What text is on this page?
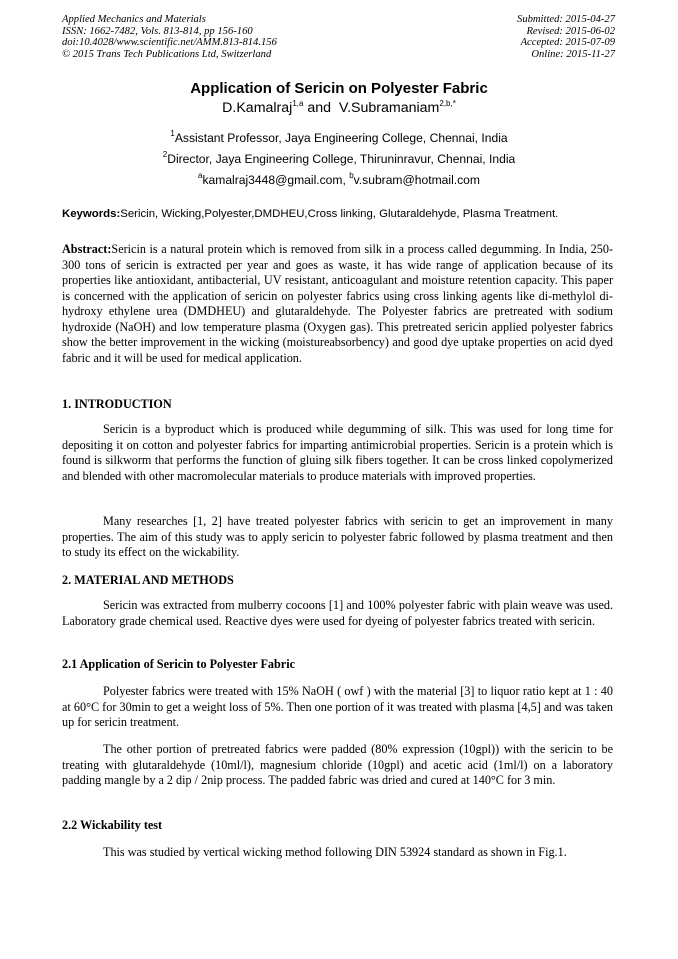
Applied Mechanics and Materials
ISSN: 1662-7482, Vols. 813-814, pp 156-160
doi:10.4028/www.scientific.net/AMM.813-814.156
© 2015 Trans Tech Publications Ltd, Switzerland
Submitted: 2015-04-27
Revised: 2015-06-02
Accepted: 2015-07-09
Online: 2015-11-27
Application of Sericin on Polyester Fabric
D.Kamalraj$^{1,a}$ and  V.Subramaniam$^{2,b,*}$
$^1$Assistant Professor, Jaya Engineering College, Chennai, India
$^2$Director, Jaya Engineering College, Thiruninravur, Chennai, India
$^a$kamalraj3448@gmail.com, $^b$v.subram@hotmail.com
Keywords:Sericin, Wicking,Polyester,DMDHEU,Cross linking, Glutaraldehyde, Plasma Treatment.

Abstract:Sericin is a natural protein which is removed from silk in a process called degumming. In India, 250-300 tons of sericin is extracted per year and goes as waste, it has wide range of application because of its properties like antioxidant, antibacterial, UV resistant, anticoagulant and moisture retention capacity. This paper is concerned with the application of sericin on polyester fabrics using cross linking agents like di-methylol di-hydroxy ethylene urea (DMDHEU) and glutaraldehyde. The Polyester fabrics are pretreated with sodium hydroxide (NaOH) and low temperature plasma (Oxygen gas). This pretreated sericin applied polyester fabrics show the better improvement in the wicking (moistureabsorbency) and good dye uptake properties on acid dyed fabric and it will be used for medical application.

1. INTRODUCTION

Sericin is a byproduct which is produced while degumming of silk. This was used for long time for depositing it on cotton and polyester fabrics for imparting antimicrobial properties. Sericin is a protein which is found is silkworm that performs the function of gluing silk fibers together. It can be cross linked copolymerized and blended with other macromolecular materials to produce materials with improved properties.

Many researches [1, 2] have treated polyester fabrics with sericin to get an improvement in many properties. The aim of this study was to apply sericin to polyester fabric followed by plasma treatment and then to study its effect on the wickability.

2. MATERIAL AND METHODS

Sericin was extracted from mulberry cocoons [1] and 100% polyester fabric with plain weave was used. Laboratory grade chemical used. Reactive dyes were used for dyeing of polyester fabrics treated with sericin.

2.1 Application of Sericin to Polyester Fabric

Polyester fabrics were treated with 15% NaOH ( owf ) with the material [3] to liquor ratio kept at 1 : 40 at 60°C for 30min to get a weight loss of 5%. Then one portion of it was treated with plasma [4,5] and was taken up for sericin treatment.

The other portion of pretreated fabrics were padded (80% expression (10gpl)) with the sericin to be treating with glutaraldehyde (10ml/l), magnesium chloride (10gpl) and acetic acid (1ml/l) on a laboratory padding mangle by a 2 dip / 2nip process. The padded fabric was dried and cured at 140°C for 3 min.

2.2 Wickability test

This was studied by vertical wicking method following DIN 53924 standard as shown in Fig.1.
